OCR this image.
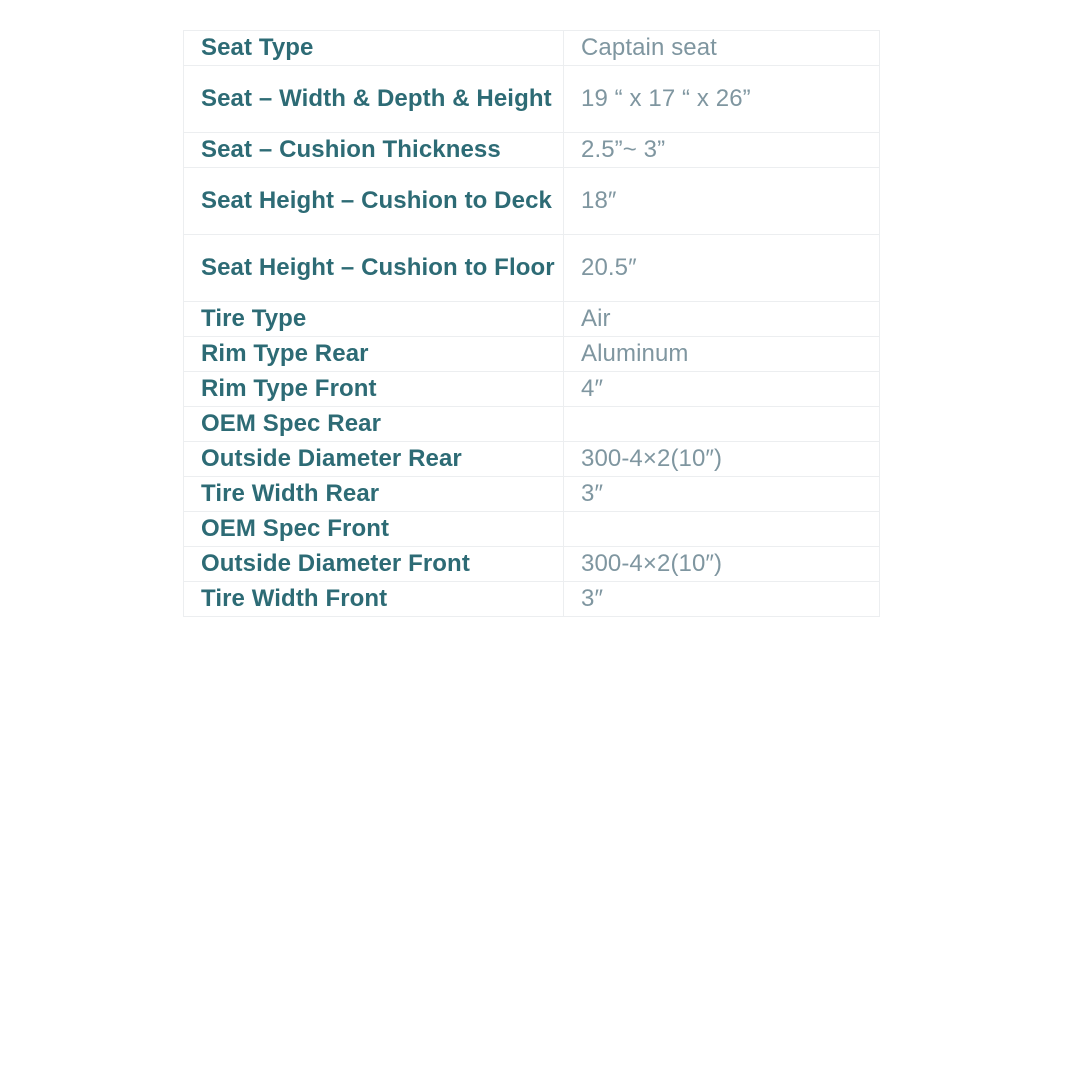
Seat Type	Captain seat
Seat – Width & Depth & Height	19 “ x 17 “ x 26”
Seat – Cushion Thickness	2.5”~ 3”
Seat Height – Cushion to Deck	18″
Seat Height – Cushion to Floor	20.5″
Tire Type	Air
Rim Type Rear	Aluminum
Rim Type Front	4″
OEM Spec Rear	
Outside Diameter Rear	300-4×2(10″)
Tire Width Rear	3″
OEM Spec Front	
Outside Diameter Front	300-4×2(10″)
Tire Width Front	3″
